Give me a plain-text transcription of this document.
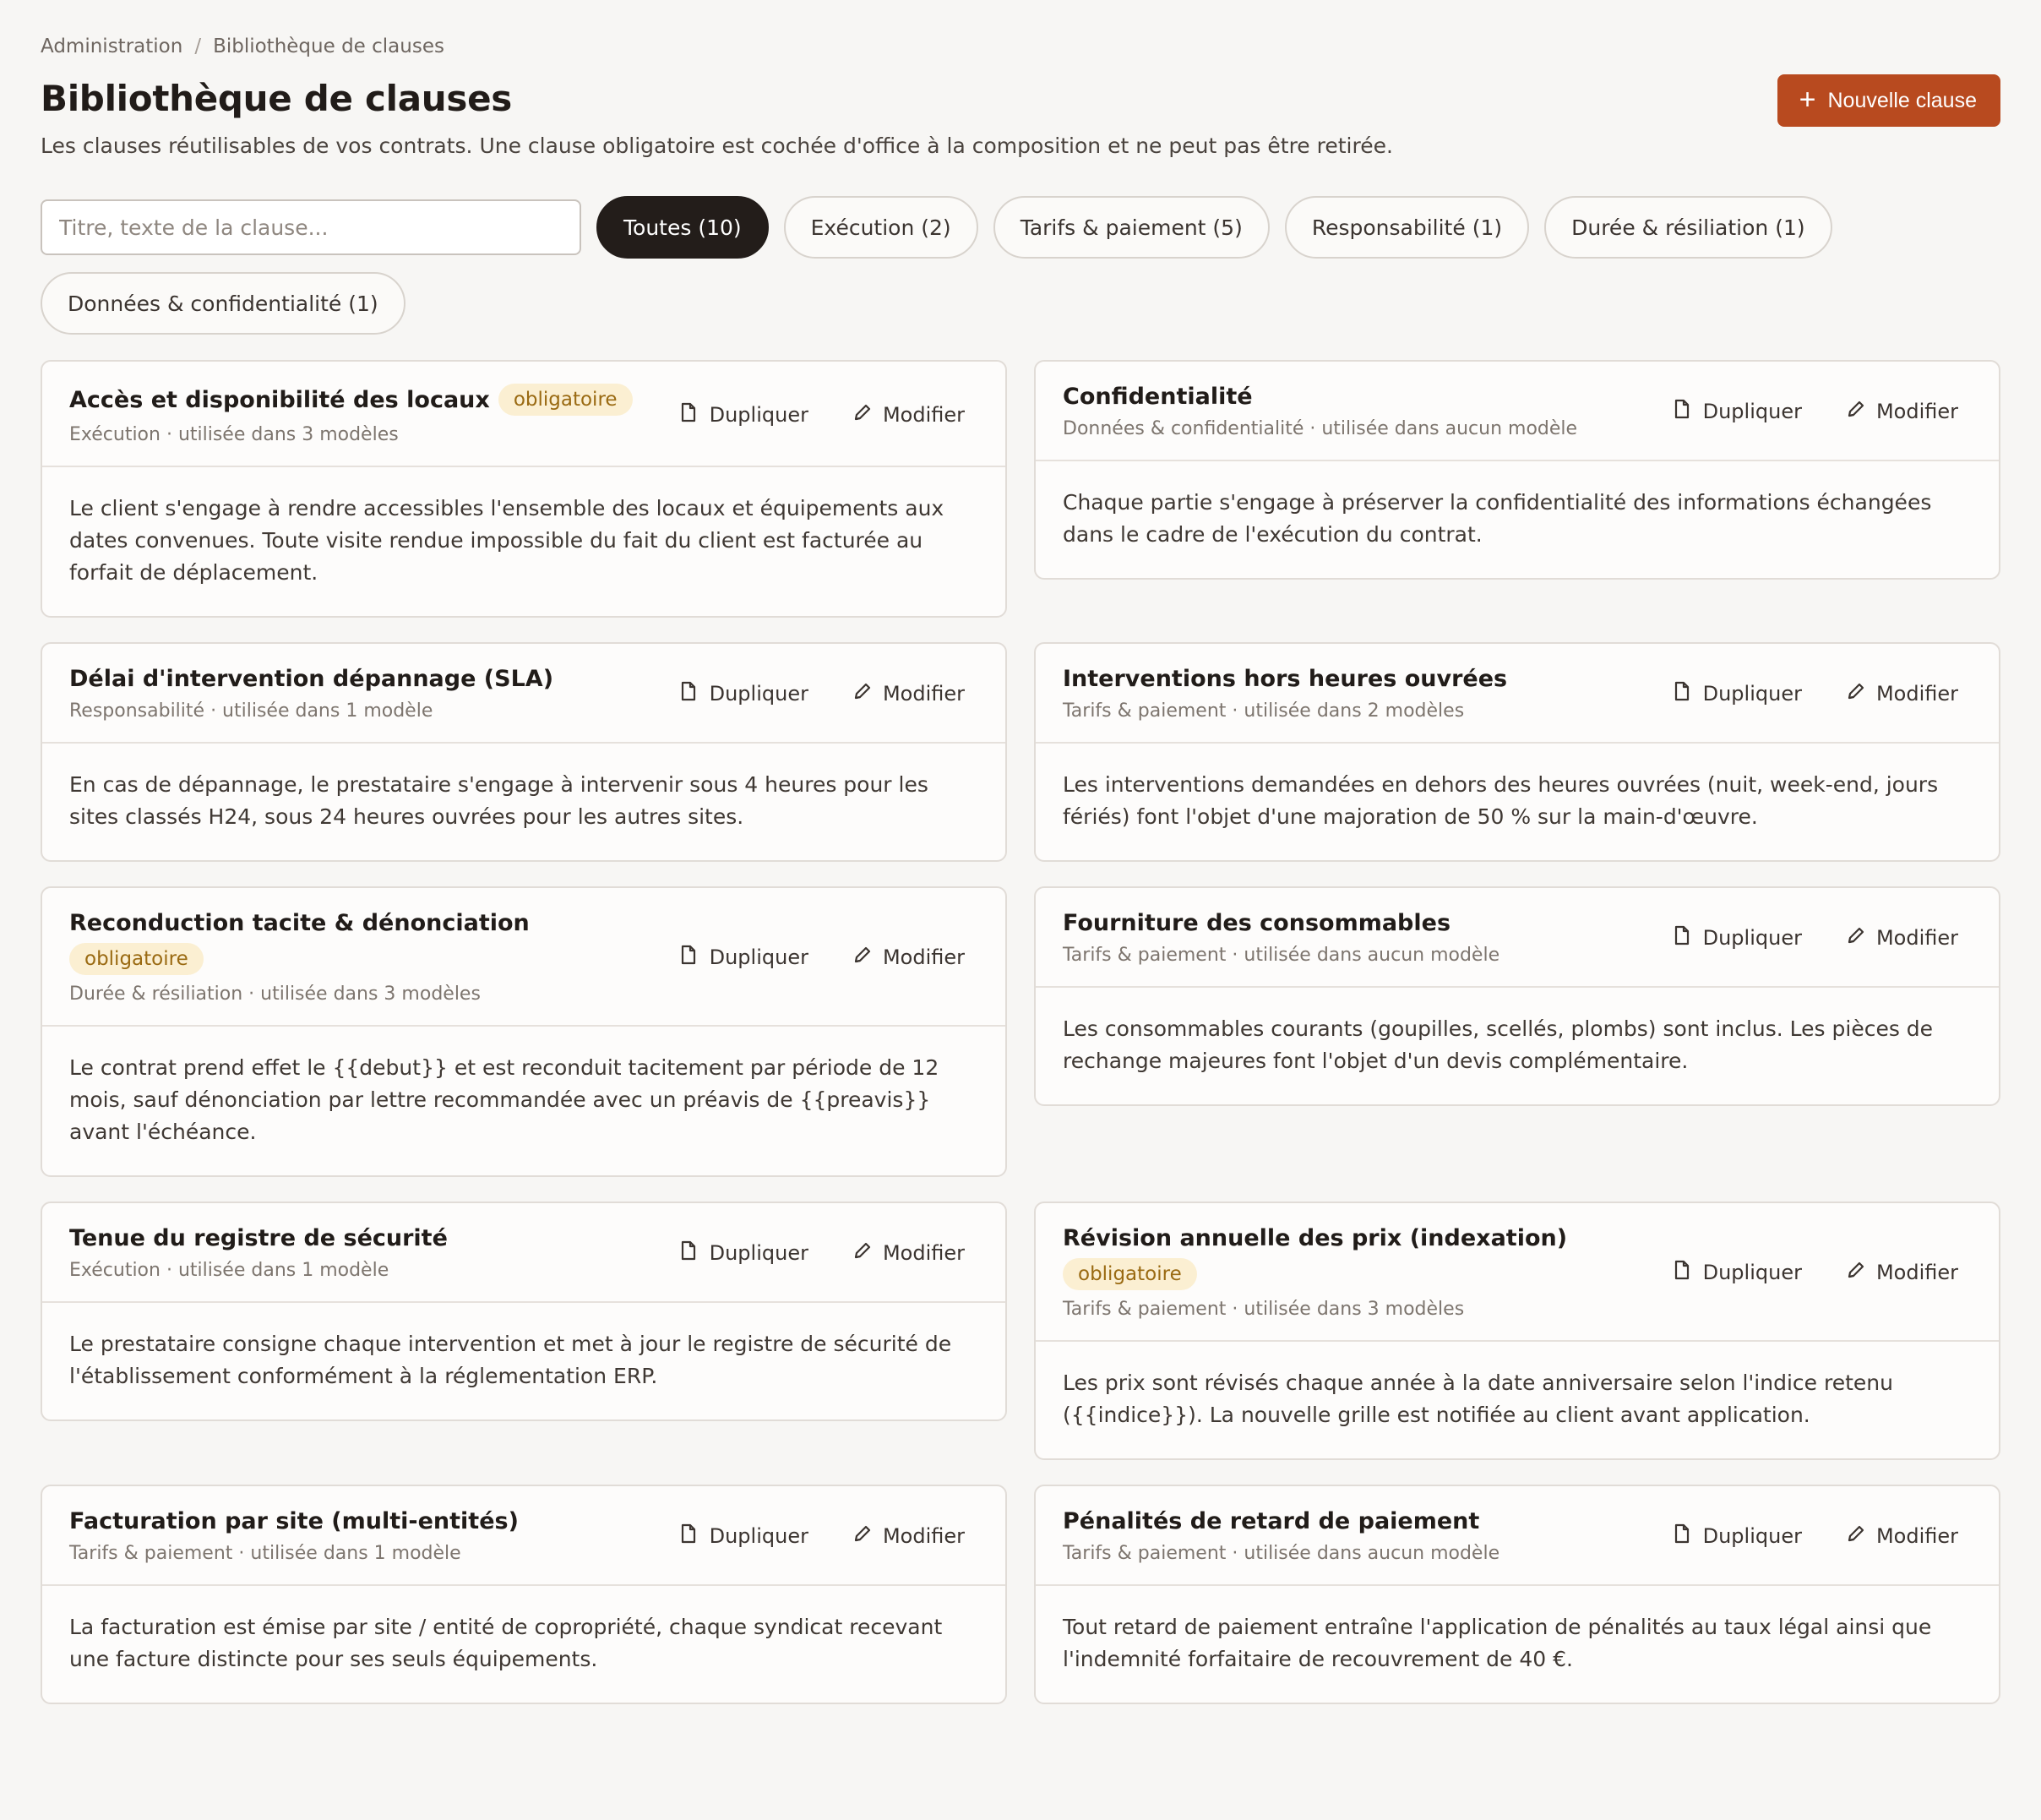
Administration / Bibliothèque de clauses
Bibliothèque de clauses

Les clauses réutilisables de vos contrats. Une clause obligatoire est cochée d'office à la composition et ne peut pas être retirée.

+ Nouvelle clause
Titre, texte de la clause...
Toutes (10)	Exécution (2)	Tarifs & paiement (5)	Responsabilité (1)	Durée & résiliation (1)
Données & confidentialité (1)
Accès et disponibilité des locaux	obligatoire
Exécution · utilisée dans 3 modèles
Dupliquer	Modifier
Le client s'engage à rendre accessibles l'ensemble des locaux et équipements aux dates convenues. Toute visite rendue impossible du fait du client est facturée au forfait de déplacement.
Confidentialité
Données & confidentialité · utilisée dans aucun modèle
Dupliquer	Modifier
Chaque partie s'engage à préserver la confidentialité des informations échangées dans le cadre de l'exécution du contrat.
Délai d'intervention dépannage (SLA)
Responsabilité · utilisée dans 1 modèle
Dupliquer	Modifier
En cas de dépannage, le prestataire s'engage à intervenir sous 4 heures pour les sites classés H24, sous 24 heures ouvrées pour les autres sites.
Interventions hors heures ouvrées
Tarifs & paiement · utilisée dans 2 modèles
Dupliquer	Modifier
Les interventions demandées en dehors des heures ouvrées (nuit, week-end, jours fériés) font l'objet d'une majoration de 50 % sur la main-d'œuvre.
Reconduction tacite & dénonciation
obligatoire
Durée & résiliation · utilisée dans 3 modèles
Dupliquer	Modifier
Le contrat prend effet le {{debut}} et est reconduit tacitement par période de 12 mois, sauf dénonciation par lettre recommandée avec un préavis de {{preavis}} avant l'échéance.
Fourniture des consommables
Tarifs & paiement · utilisée dans aucun modèle
Dupliquer	Modifier
Les consommables courants (goupilles, scellés, plombs) sont inclus. Les pièces de rechange majeures font l'objet d'un devis complémentaire.
Tenue du registre de sécurité
Exécution · utilisée dans 1 modèle
Dupliquer	Modifier
Le prestataire consigne chaque intervention et met à jour le registre de sécurité de l'établissement conformément à la réglementation ERP.
Révision annuelle des prix (indexation)
obligatoire
Tarifs & paiement · utilisée dans 3 modèles
Dupliquer	Modifier
Les prix sont révisés chaque année à la date anniversaire selon l'indice retenu ({{indice}}). La nouvelle grille est notifiée au client avant application.
Facturation par site (multi-entités)
Tarifs & paiement · utilisée dans 1 modèle
Dupliquer	Modifier
La facturation est émise par site / entité de copropriété, chaque syndicat recevant une facture distincte pour ses seuls équipements.
Pénalités de retard de paiement
Tarifs & paiement · utilisée dans aucun modèle
Dupliquer	Modifier
Tout retard de paiement entraîne l'application de pénalités au taux légal ainsi que l'indemnité forfaitaire de recouvrement de 40 €.
